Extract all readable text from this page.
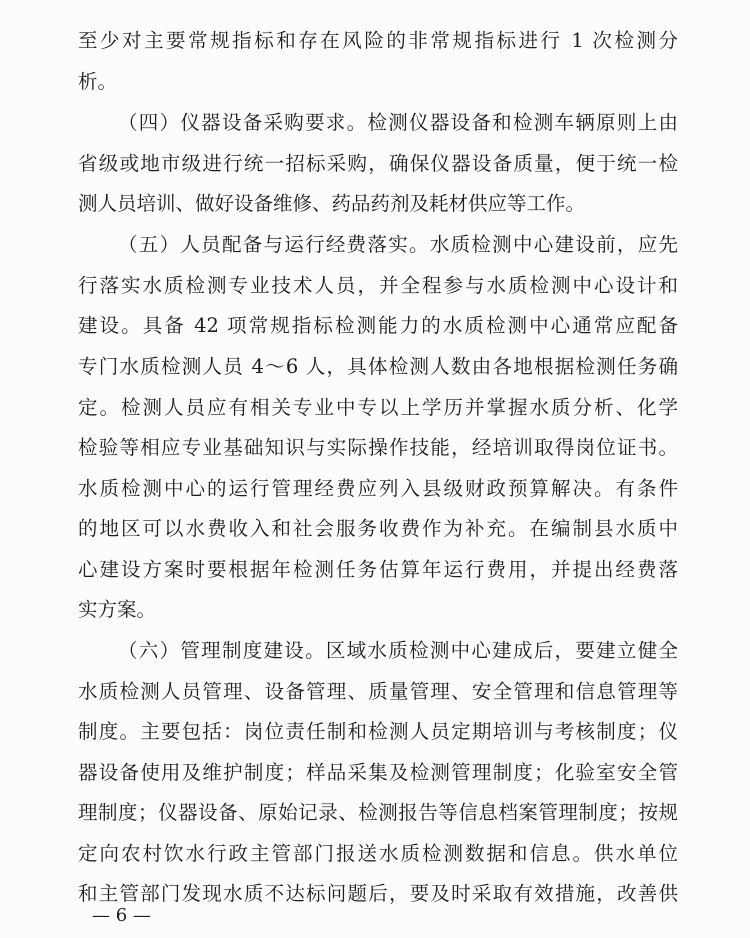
至少对主要常规指标和存在风险的非常规指标进行 1 次检测分

析。

（四）仪器设备采购要求。检测仪器设备和检测车辆原则上由

省级或地市级进行统一招标采购，确保仪器设备质量，便于统一检

测人员培训、做好设备维修、药品药剂及耗材供应等工作。

（五）人员配备与运行经费落实。水质检测中心建设前，应先

行落实水质检测专业技术人员，并全程参与水质检测中心设计和

建设。具备 42 项常规指标检测能力的水质检测中心通常应配备

专门水质检测人员 4～6 人，具体检测人数由各地根据检测任务确

定。检测人员应有相关专业中专以上学历并掌握水质分析、化学

检验等相应专业基础知识与实际操作技能，经培训取得岗位证书。

水质检测中心的运行管理经费应列入县级财政预算解决。有条件

的地区可以水费收入和社会服务收费作为补充。在编制县水质中

心建设方案时要根据年检测任务估算年运行费用，并提出经费落

实方案。

（六）管理制度建设。区域水质检测中心建成后，要建立健全

水质检测人员管理、设备管理、质量管理、安全管理和信息管理等

制度。主要包括：岗位责任制和检测人员定期培训与考核制度；仪

器设备使用及维护制度；样品采集及检测管理制度；化验室安全管

理制度；仪器设备、原始记录、检测报告等信息档案管理制度；按规

定向农村饮水行政主管部门报送水质检测数据和信息。供水单位

和主管部门发现水质不达标问题后，要及时采取有效措施，改善供

— 6 —
